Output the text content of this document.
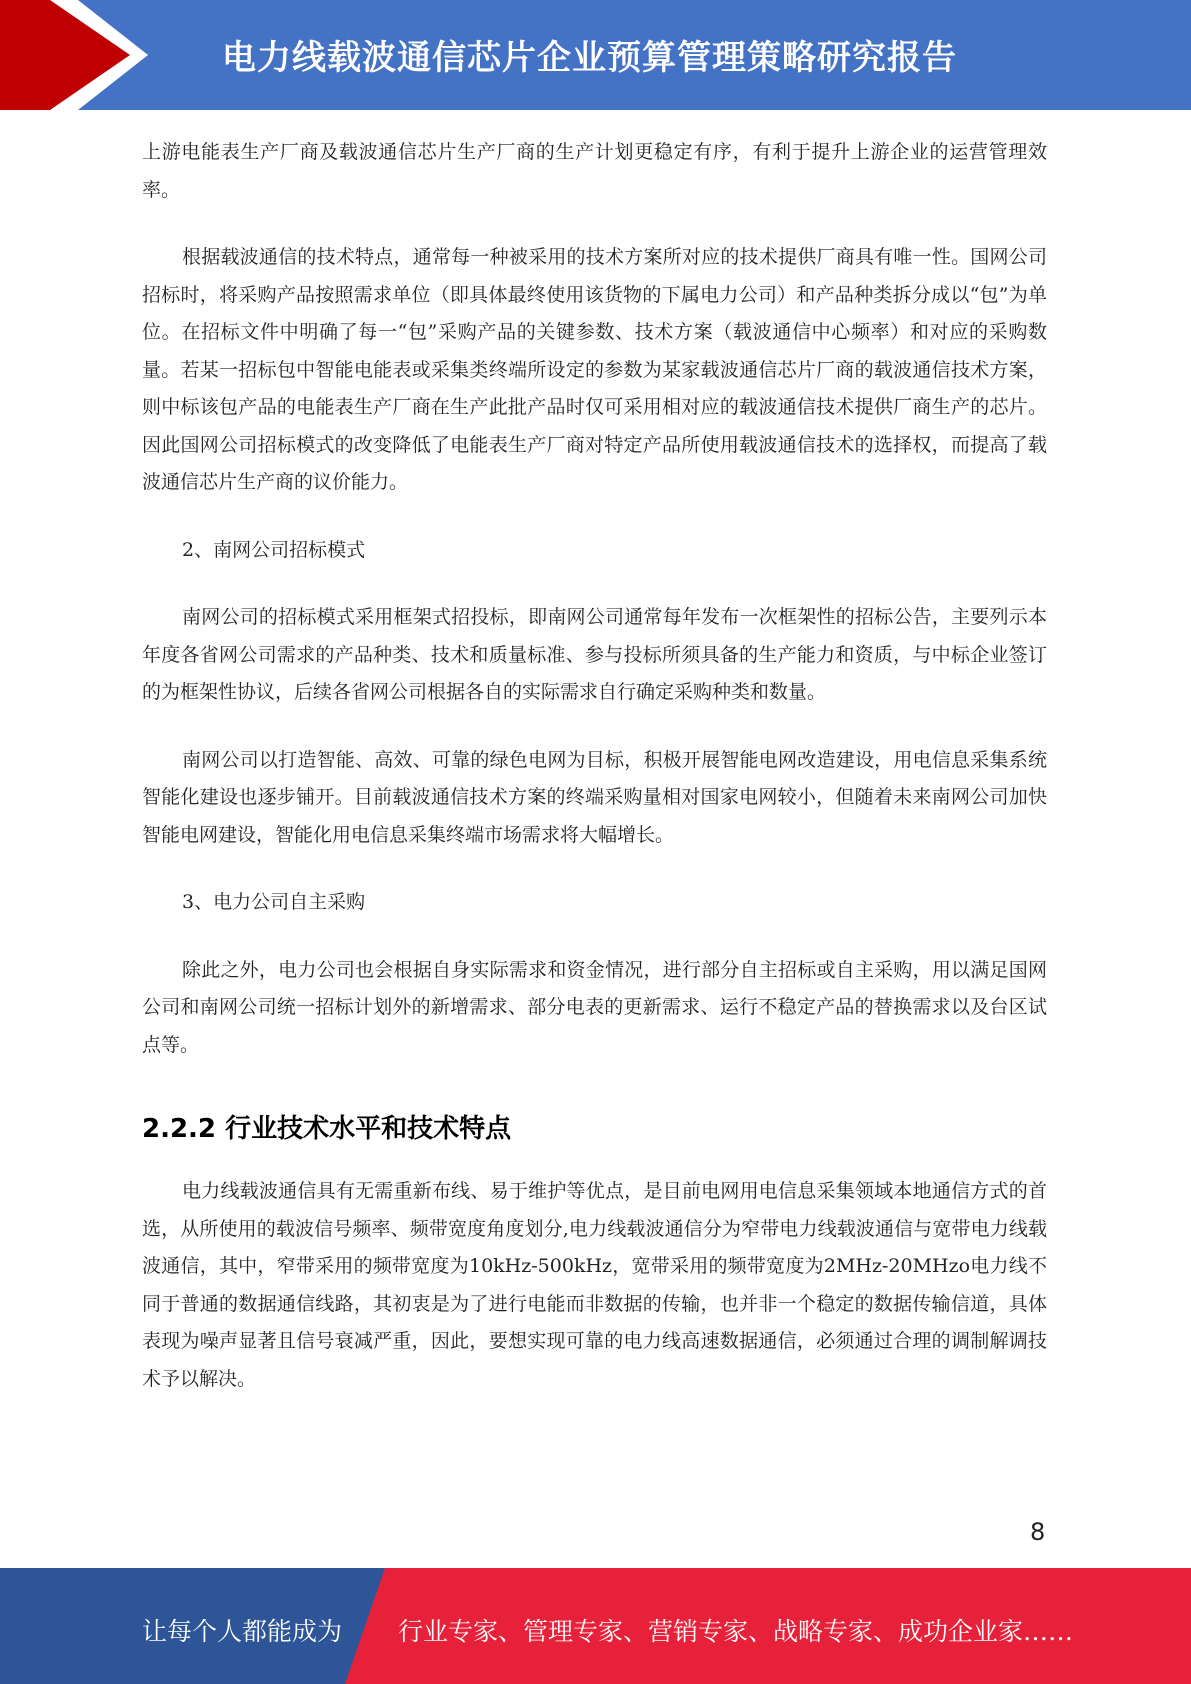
电力线载波通信芯片企业预算管理策略研究报告

上游电能表生产厂商及载波通信芯片生产厂商的生产计划更稳定有序，有利于提升上游企业的运营管理效率。

根据载波通信的技术特点，通常每一种被采用的技术方案所对应的技术提供厂商具有唯一性。国网公司招标时，将采购产品按照需求单位（即具体最终使用该货物的下属电力公司）和产品种类拆分成以“包”为单位。在招标文件中明确了每一“包”采购产品的关键参数、技术方案（载波通信中心频率）和对应的采购数量。若某一招标包中智能电能表或采集类终端所设定的参数为某家载波通信芯片厂商的载波通信技术方案，则中标该包产品的电能表生产厂商在生产此批产品时仅可采用相对应的载波通信技术提供厂商生产的芯片。因此国网公司招标模式的改变降低了电能表生产厂商对特定产品所使用载波通信技术的选择权，而提高了载波通信芯片生产商的议价能力。

2、南网公司招标模式

南网公司的招标模式采用框架式招投标，即南网公司通常每年发布一次框架性的招标公告，主要列示本年度各省网公司需求的产品种类、技术和质量标准、参与投标所须具备的生产能力和资质，与中标企业签订的为框架性协议，后续各省网公司根据各自的实际需求自行确定采购种类和数量。

南网公司以打造智能、高效、可靠的绿色电网为目标，积极开展智能电网改造建设，用电信息采集系统智能化建设也逐步铺开。目前载波通信技术方案的终端采购量相对国家电网较小，但随着未来南网公司加快智能电网建设，智能化用电信息采集终端市场需求将大幅增长。

3、电力公司自主采购

除此之外，电力公司也会根据自身实际需求和资金情况，进行部分自主招标或自主采购，用以满足国网公司和南网公司统一招标计划外的新增需求、部分电表的更新需求、运行不稳定产品的替换需求以及台区试点等。

2.2.2 行业技术水平和技术特点

电力线载波通信具有无需重新布线、易于维护等优点，是目前电网用电信息采集领域本地通信方式的首选，从所使用的载波信号频率、频带宽度角度划分,电力线载波通信分为窄带电力线载波通信与宽带电力线载波通信，其中，窄带采用的频带宽度为10kHz-500kHz，宽带采用的频带宽度为2MHz-20MHzo电力线不同于普通的数据通信线路，其初衷是为了进行电能而非数据的传输，也并非一个稳定的数据传输信道，具体表现为噪声显著且信号衰减严重，因此，要想实现可靠的电力线高速数据通信，必须通过合理的调制解调技术予以解决。

8
让每个人都能成为 行业专家、管理专家、营销专家、战略专家、成功企业家……
